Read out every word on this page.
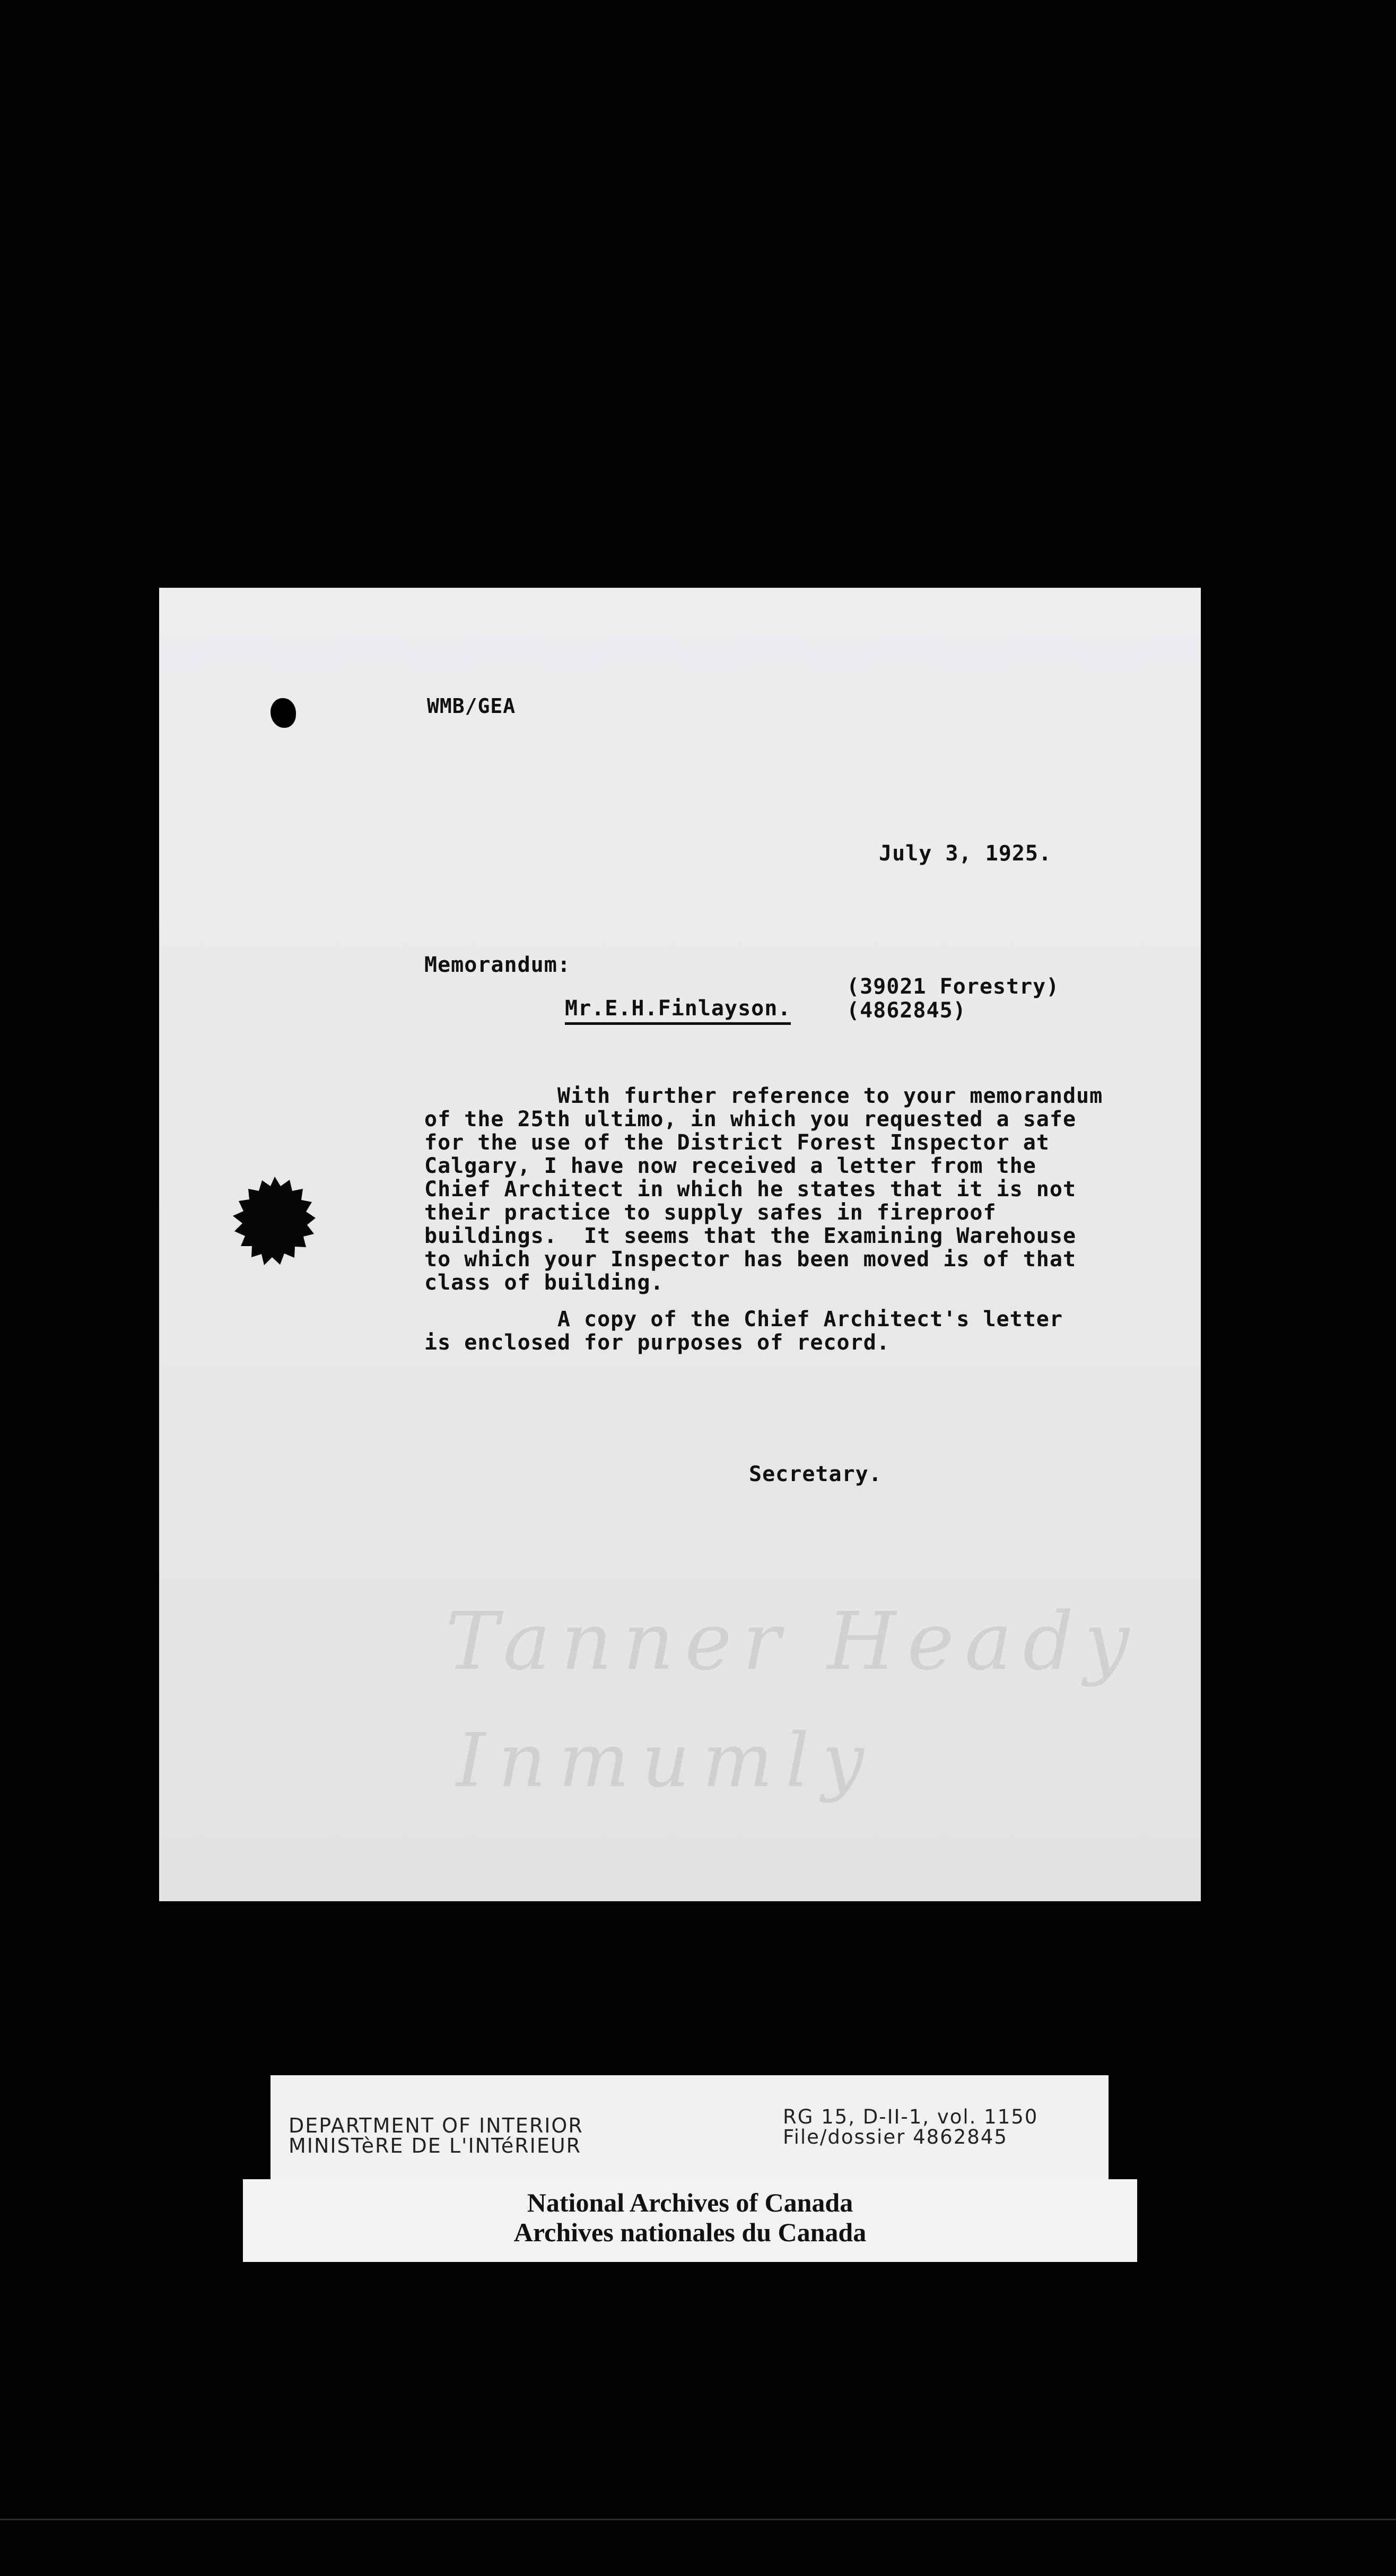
WMB/GEA
July 3, 1925.
Memorandum:
(39021 Forestry)
(4862845)
Mr.E.H.Finlayson.
With further reference to your memorandum
of the 25th ultimo, in which you requested a safe
for the use of the District Forest Inspector at
Calgary, I have now received a letter from the
Chief Architect in which he states that it is not
their practice to supply safes in fireproof
buildings.  It seems that the Examining Warehouse
to which your Inspector has been moved is of that
class of building.
A copy of the Chief Architect's letter
is enclosed for purposes of record.
Secretary.
Tanner Heady
Inmumly
DEPARTMENT OF INTERIOR
MINISTèRE DE L'INTéRIEUR
RG 15, D-II-1, vol. 1150
File/dossier 4862845
National Archives of Canada
Archives nationales du Canada
